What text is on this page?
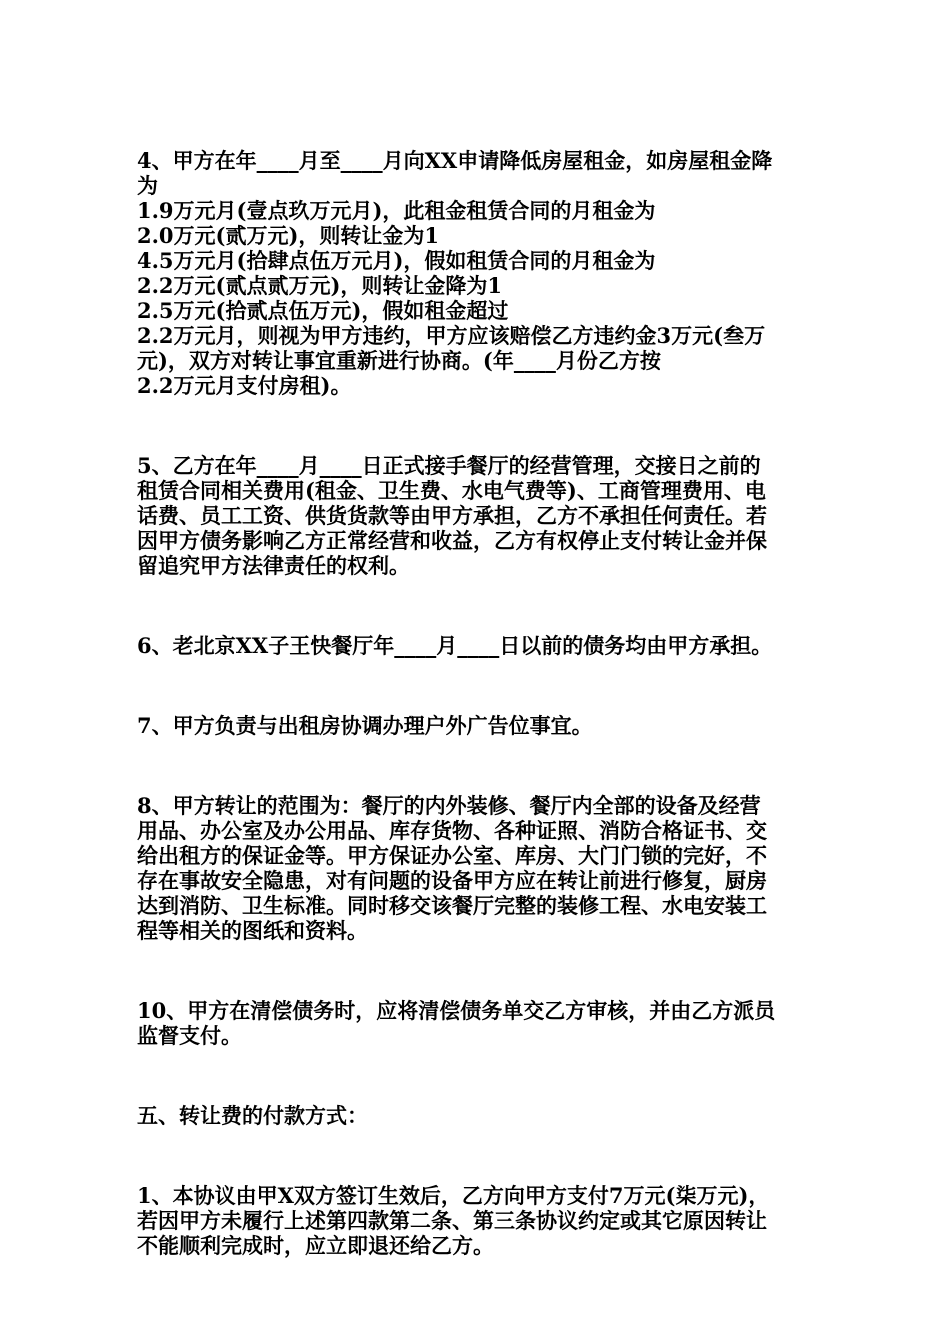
4、甲方在年____月至____月向XX申请降低房屋租金，如房屋租金降
为
1.9万元月(壹点玖万元月)，此租金租赁合同的月租金为
2.0万元(贰万元)，则转让金为1
4.5万元月(拾肆点伍万元月)，假如租赁合同的月租金为
2.2万元(贰点贰万元)，则转让金降为1
2.5万元(拾贰点伍万元)，假如租金超过
2.2万元月，则视为甲方违约，甲方应该赔偿乙方违约金3万元(叁万
元)，双方对转让事宜重新进行协商。(年____月份乙方按
2.2万元月支付房租)。
5、乙方在年____月____日正式接手餐厅的经营管理，交接日之前的
租赁合同相关费用(租金、卫生费、水电气费等)、工商管理费用、电
话费、员工工资、供货货款等由甲方承担，乙方不承担任何责任。若
因甲方债务影响乙方正常经营和收益，乙方有权停止支付转让金并保
留追究甲方法律责任的权利。
6、老北京XX子王快餐厅年____月____日以前的债务均由甲方承担。
7、甲方负责与出租房协调办理户外广告位事宜。
8、甲方转让的范围为：餐厅的内外装修、餐厅内全部的设备及经营
用品、办公室及办公用品、库存货物、各种证照、消防合格证书、交
给出租方的保证金等。甲方保证办公室、库房、大门门锁的完好，不
存在事故安全隐患，对有问题的设备甲方应在转让前进行修复，厨房
达到消防、卫生标准。同时移交该餐厅完整的装修工程、水电安装工
程等相关的图纸和资料。
10、甲方在清偿债务时，应将清偿债务单交乙方审核，并由乙方派员
监督支付。
五、转让费的付款方式：
1、本协议由甲X双方签订生效后，乙方向甲方支付7万元(柒万元)，
若因甲方未履行上述第四款第二条、第三条协议约定或其它原因转让
不能顺利完成时，应立即退还给乙方。
